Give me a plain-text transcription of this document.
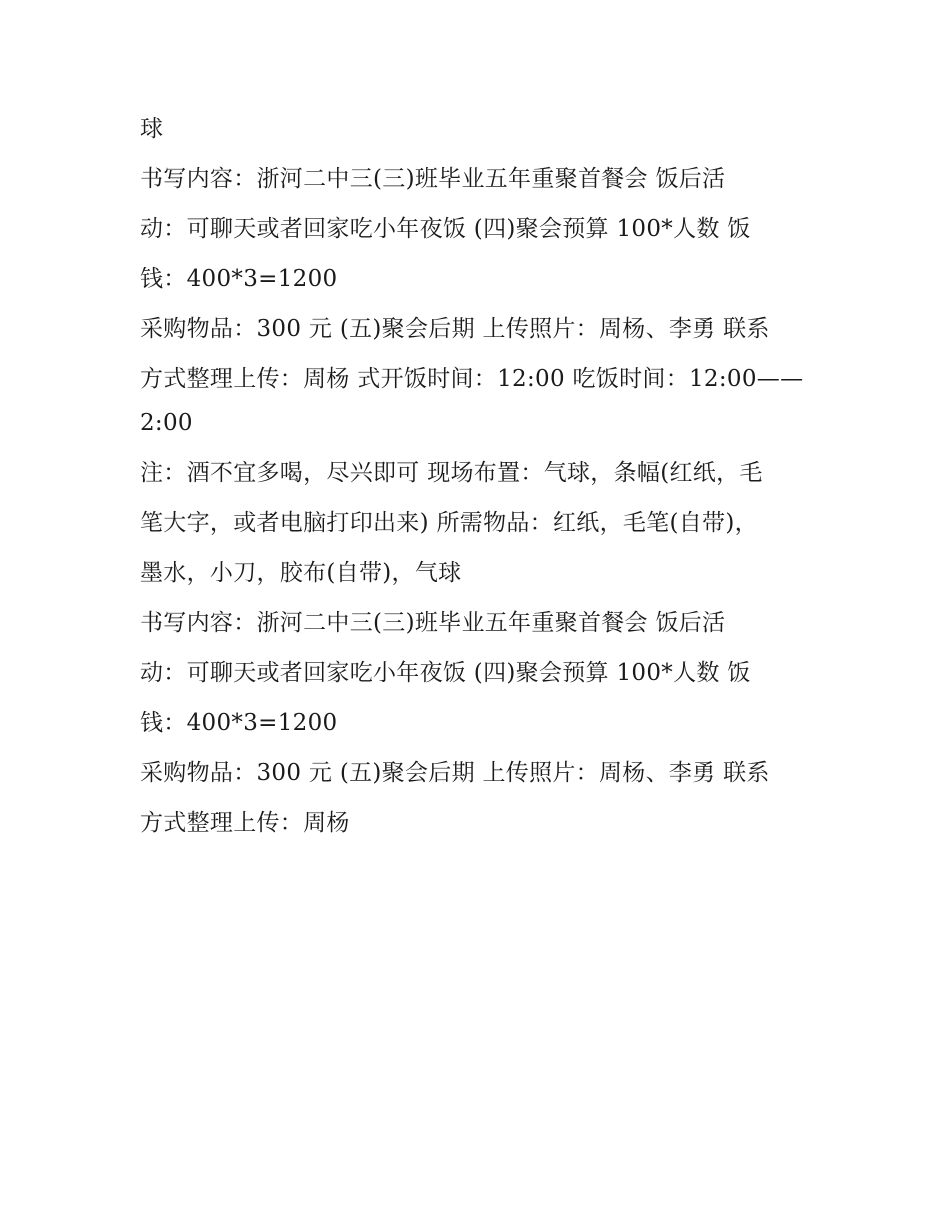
球
书写内容：浙河二中三(三)班毕业五年重聚首餐会 饭后活
动：可聊天或者回家吃小年夜饭 (四)聚会预算 100*人数 饭
钱：400*3=1200
采购物品：300 元 (五)聚会后期 上传照片：周杨、李勇 联系
方式整理上传：周杨 式开饭时间：12:00 吃饭时间：12:00——
2:00
注：酒不宜多喝，尽兴即可 现场布置：气球，条幅(红纸，毛
笔大字，或者电脑打印出来) 所需物品：红纸，毛笔(自带)，
墨水，小刀，胶布(自带)，气球
书写内容：浙河二中三(三)班毕业五年重聚首餐会 饭后活
动：可聊天或者回家吃小年夜饭 (四)聚会预算 100*人数 饭
钱：400*3=1200
采购物品：300 元 (五)聚会后期 上传照片：周杨、李勇 联系
方式整理上传：周杨
